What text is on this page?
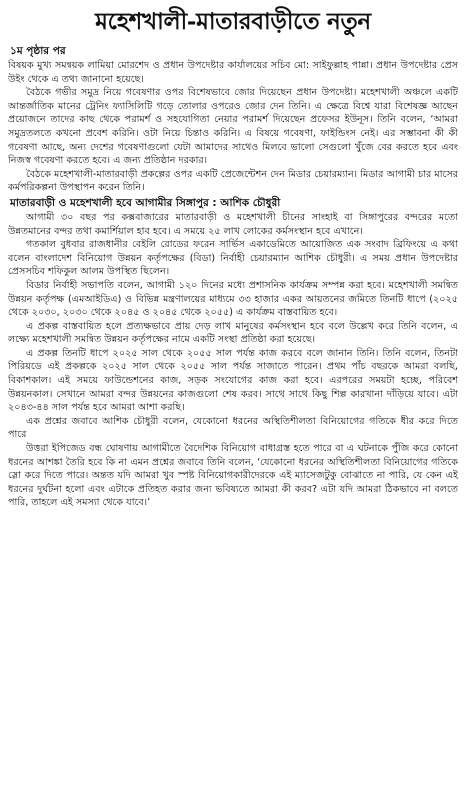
মহেশখালী-মাতারবাড়ীতে নতুন
১ম পৃষ্ঠার পর

বিষয়ক মুখ্য সমন্বয়ক লামিয়া মোরশেদ ও প্রধান উপদেষ্টার কার্যালয়ের সচিব মো: সাইফুল্লাহ পান্না। প্রধান উপদেষ্টার প্রেস উইং থেকে এ তথ্য জানানো হয়েছে।

বৈঠকে গভীর সমুদ্র নিয়ে গবেষণার ওপর বিশেষভাবে জোর দিয়েছেন প্রধান উপদেষ্টা। মহেশখালী অঞ্চলে একটি আন্তর্জাতিক মানের ট্রেনিং ফ্যাসিলিটি গড়ে তোলার ওপরেও জোর দেন তিনি। এ ক্ষেত্রে বিশ্বে যারা বিশেষজ্ঞ আছেন প্রয়োজনে তাদের কাছ থেকে পরামর্শ ও সহযোগিতা নেয়ার পরামর্শ দিয়েছেন প্রফেসর ইউনূস। তিনি বলেন, ‘আমরা সমুদ্রতলতে কখনো প্রবেশ করিনি। ওটা নিয়ে চিন্তাও করিনি। এ বিষয়ে গবেষণা, ফাইন্ডিংস নেই। এর সম্ভাবনা কী কী গবেষণা আছে, অন্য দেশের গবেষণাগুলো যেটা আমাদের সাথেও মিলবে ভালো সেগুলো খুঁজে বের করতে হবে এবং নিজস্ব গবেষণা করতে হবে। এ জন্য প্রতিষ্ঠান দরকার।

বৈঠকে মহেশখালী-মাতারবাড়ী প্রকল্পের ওপর একটি প্রেজেন্টেশন দেন মিডার চেয়ারম্যান। মিডার আগামী চার মাসের কর্মপরিকল্পনা উপস্থাপন করেন তিনি।

মাতারবাড়ী ও মহেশখালী হবে আগামীর সিঙ্গাপুর : আশিক চৌধুরী

আগামী ৩০ বছর পর কক্সবাজারের মাতারবাড়ী ও মহেশখালী চীনের সাংহাই বা সিঙ্গাপুরের বন্দরের মতো উন্নতমানের বন্দর তথা কমার্শিয়াল হাব হবে। এ সময়ে ২৫ লাখ লোকের কর্মসংস্থান হবে এখানে।

গতকাল বুধবার রাজধানীর বেইলি রোডের ফরেন সার্ভিস একাডেমিতে আয়োজিত এক সংবাদ ব্রিফিংয়ে এ কথা বলেন বাংলাদেশ বিনিয়োগ উন্নয়ন কর্তৃপক্ষের (বিডা) নির্বাহী চেয়ারম্যান আশিক চৌধুরী। এ সময় প্রধান উপদেষ্টার প্রেসসচিব শফিকুল আলম উপস্থিত ছিলেন।

বিডার নির্বাহী সভাপতি বলেন, আগামী ১২০ দিনের মধ্যে প্রশাসনিক কার্যক্রম সম্পন্ন করা হবে। মহেশখালী সমন্বিত উন্নয়ন কর্তৃপক্ষ (এমআইডিএ) ও বিভিন্ন মন্ত্রণালয়ের মাধ্যমে ৩৩ হাজার একর আয়তনের জমিতে তিনটি ধাপে (২০২৫ থেকে ২০৩০, ২০৩০ থেকে ২০৪৫ ও ২০৪৫ থেকে ২০৫৫) এ কার্যক্রম বাস্তবায়িত হবে।

এ প্রকল্প বাস্তবায়িত হলে প্রত্যক্ষভাবে প্রায় দেড় লাখ মানুষের কর্মসংস্থান হবে বলে উল্লেখ করে তিনি বলেন, এ লক্ষ্যে মহেশখালী সমন্বিত উন্নয়ন কর্তৃপক্ষের নামে একটি সংস্থা প্রতিষ্ঠা করা হয়েছে।

এ প্রকল্প তিনটি ধাপে ২০২৫ সাল থেকে ২০৫৫ সাল পর্যন্ত কাজ করবে বলে জানান তিনি। তিনি বলেন, তিনটা পিরিয়ডে এই প্রকল্পকে ২০২৫ সাল থেকে ২০৫৫ সাল পর্যন্ত সাজাতে পারেন। প্রথম পাঁচ বছরকে আমরা বলছি, বিকাশকাল। এই সময়ে ফাউন্ডেশনের কাজ, সড়ক সংযোগের কাজ করা হবে। এরপরের সময়টা হচ্ছে, পরিবেশ উন্নয়নকাল। সেখানে আমরা বন্দর উন্নয়নের কাজগুলো শেষ করব। সাথে সাথে কিছু শিল্প কারখানা দাঁড়িয়ে যাবে। এটা ২০৪৩-৪৪ সাল পর্যন্ত হবে আমরা আশা করছি।

এক প্রশ্নের জবাবে আশিক চৌধুরী বলেন, যেকোনো ধরনের অস্থিতিশীলতা বিনিয়োগের গতিকে ধীর করে দিতে পারে

উত্তরা ইপিজেড বন্ধ ঘোষণায় আগামীতে বৈদেশিক বিনিয়োগ বাধাগ্রস্ত হতে পারে বা এ ঘটনাকে পুঁজি করে কোনো ধরনের আশঙ্কা তৈরি হবে কি না এমন প্রশ্নের জবাবে তিনি বলেন, ‘যেকোনো ধরনের অস্থিতিশীলতা বিনিয়োগের গতিকে স্লো করে দিতে পারে। অন্তত যদি আমরা খুব স্পষ্ট বিনিয়োগকারীদেরকে এই ম্যাসেজটুকু বোঝাতে না পারি, যে কেন এই ধরনের দুর্ঘটনা হলো এবং এটাকে প্রতিহত করার জন্য ভবিষ্যতে আমরা কী করব? এটা যদি আমরা ঠিকভাবে না বলতে পারি, তাহলে এই সমস্যা থেকে যাবে।’
